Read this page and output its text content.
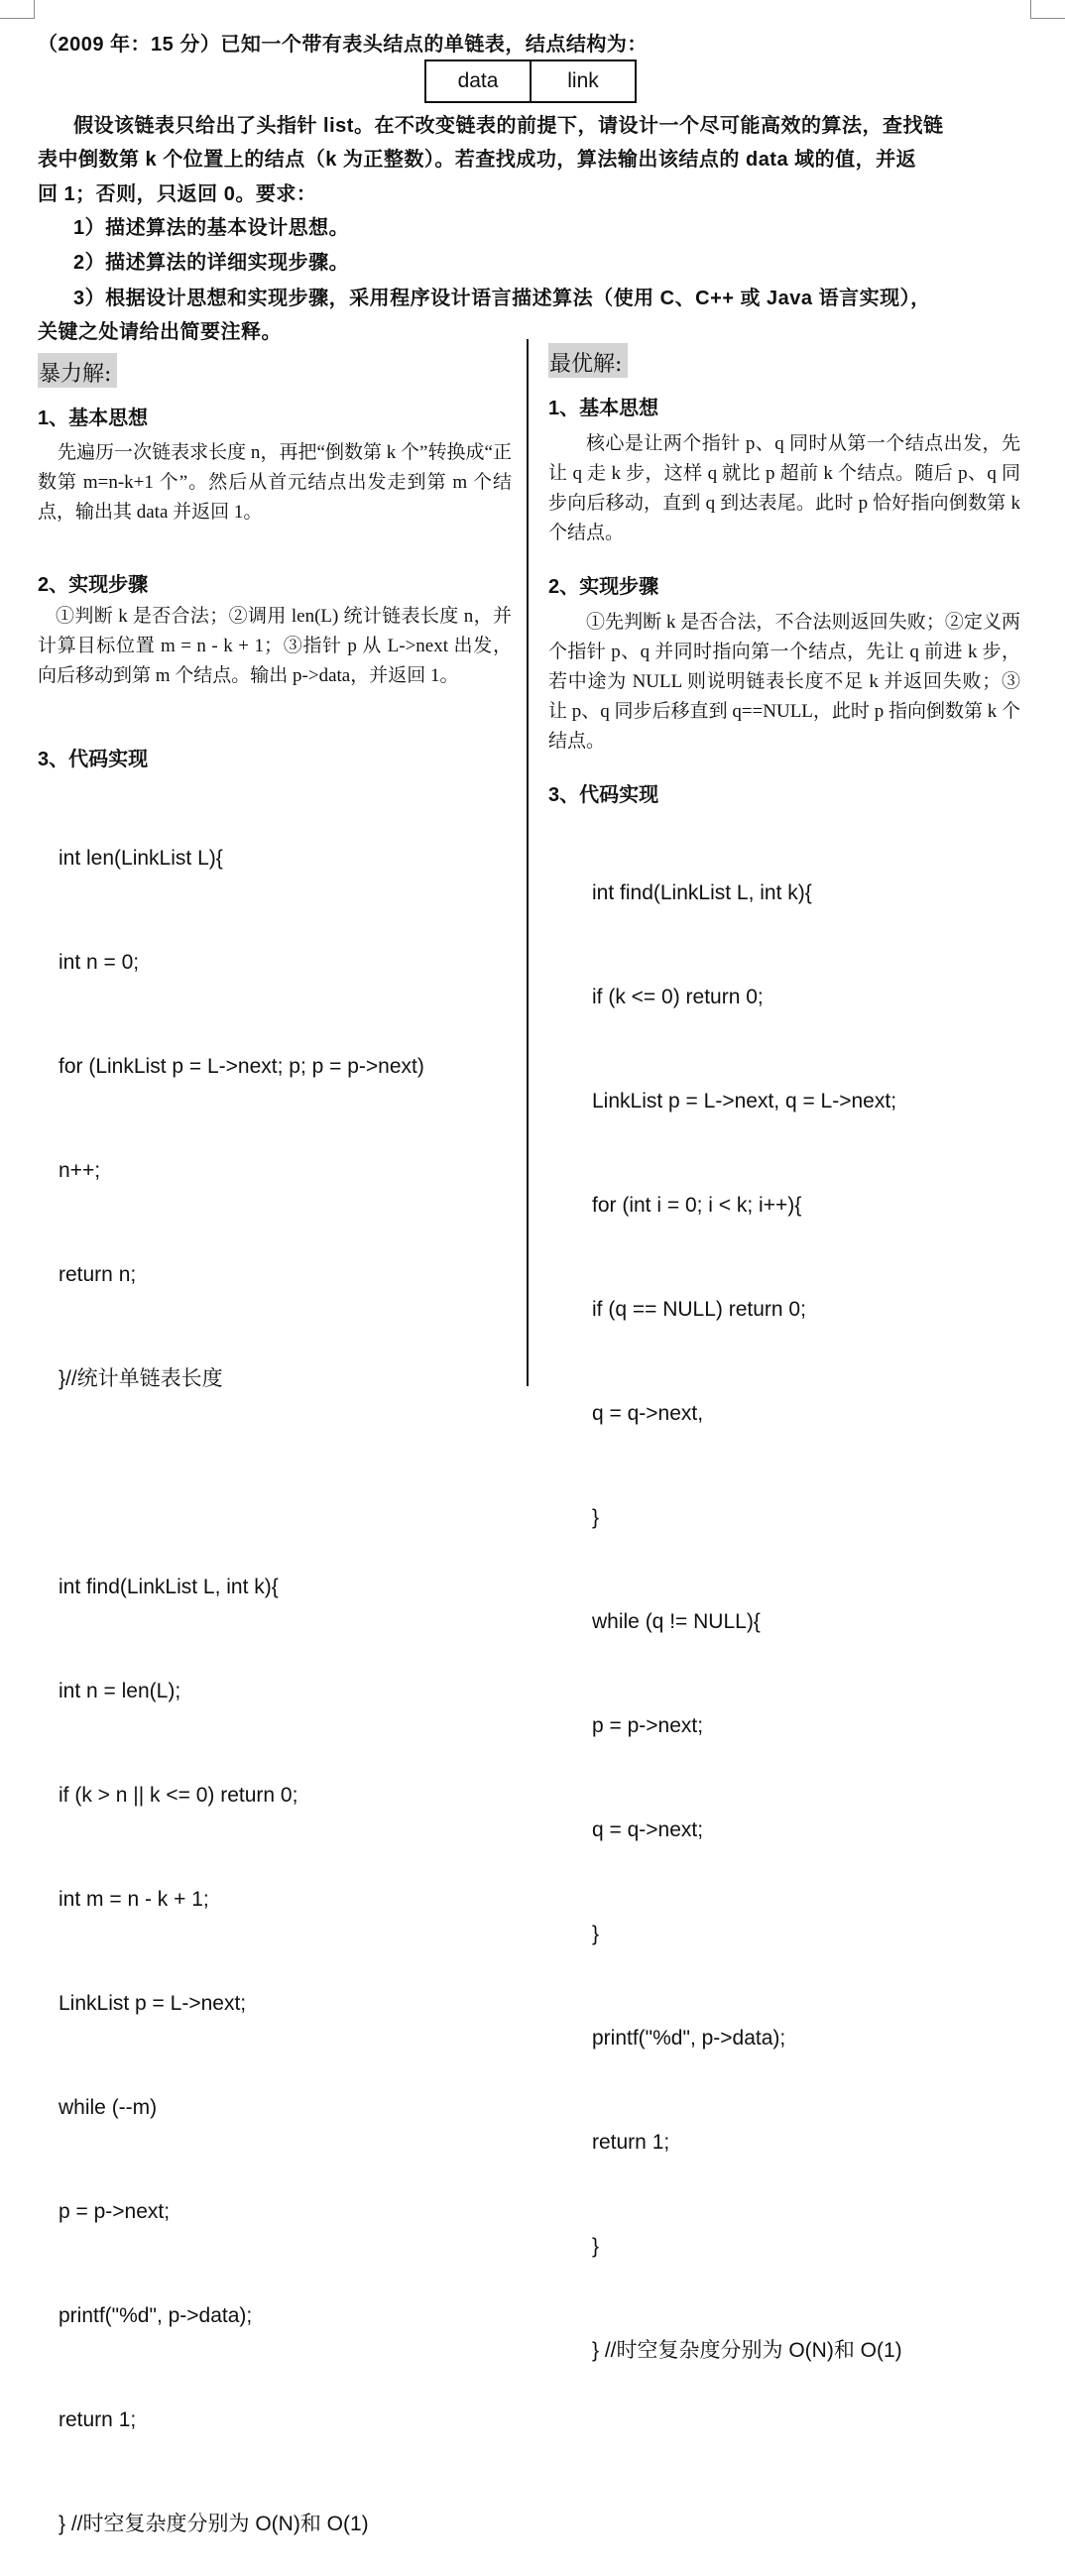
（2009 年：15 分）已知一个带有表头结点的单链表，结点结构为：
data	link
假设该链表只给出了头指针 list。在不改变链表的前提下，请设计一个尽可能高效的算法，查找链
表中倒数第 k 个位置上的结点（k 为正整数）。若查找成功，算法输出该结点的 data 域的值，并返
回 1；否则，只返回 0。要求：
1）描述算法的基本设计思想。
2）描述算法的详细实现步骤。
3）根据设计思想和实现步骤，采用程序设计语言描述算法（使用 C、C++ 或 Java 语言实现），
关键之处请给出简要注释。
暴力解:
1、基本思想
先遍历一次链表求长度 n，再把“倒数第 k 个”转换成“正数第 m=n-k+1 个”。然后从首元结点出发走到第 m 个结点，输出其 data 并返回 1。
2、实现步骤
①判断 k 是否合法；②调用 len(L) 统计链表长度 n，并计算目标位置 m = n - k + 1；③指针 p 从 L->next 出发，向后移动到第 m 个结点。输出 p->data，并返回 1。
3、代码实现

int len(LinkList L){

int n = 0;

for (LinkList p = L->next; p; p = p->next)

n++;

return n;

}//统计单链表长度

int find(LinkList L, int k){

int n = len(L);

if (k > n || k <= 0) return 0;

int m = n - k + 1;

LinkList p = L->next;

while (--m)

p = p->next;

printf("%d", p->data);

return 1;

} //时空复杂度分别为 O(N)和 O(1)

最优解:
1、基本思想
核心是让两个指针 p、q 同时从第一个结点出发，先让 q 走 k 步，这样 q 就比 p 超前 k 个结点。随后 p、q 同步向后移动，直到 q 到达表尾。此时 p 恰好指向倒数第 k 个结点。
2、实现步骤
①先判断 k 是否合法，不合法则返回失败；②定义两个指针 p、q 并同时指向第一个结点，先让 q 前进 k 步，若中途为 NULL 则说明链表长度不足 k 并返回失败；③让 p、q 同步后移直到 q==NULL，此时 p 指向倒数第 k 个结点。
3、代码实现

int find(LinkList L, int k){

if (k <= 0) return 0;

LinkList p = L->next, q = L->next;

for (int i = 0; i < k; i++){

if (q == NULL) return 0;

q = q->next,

}

while (q != NULL){

p = p->next;

q = q->next;

}

printf("%d", p->data);

return 1;

}

} //时空复杂度分别为 O(N)和 O(1)
